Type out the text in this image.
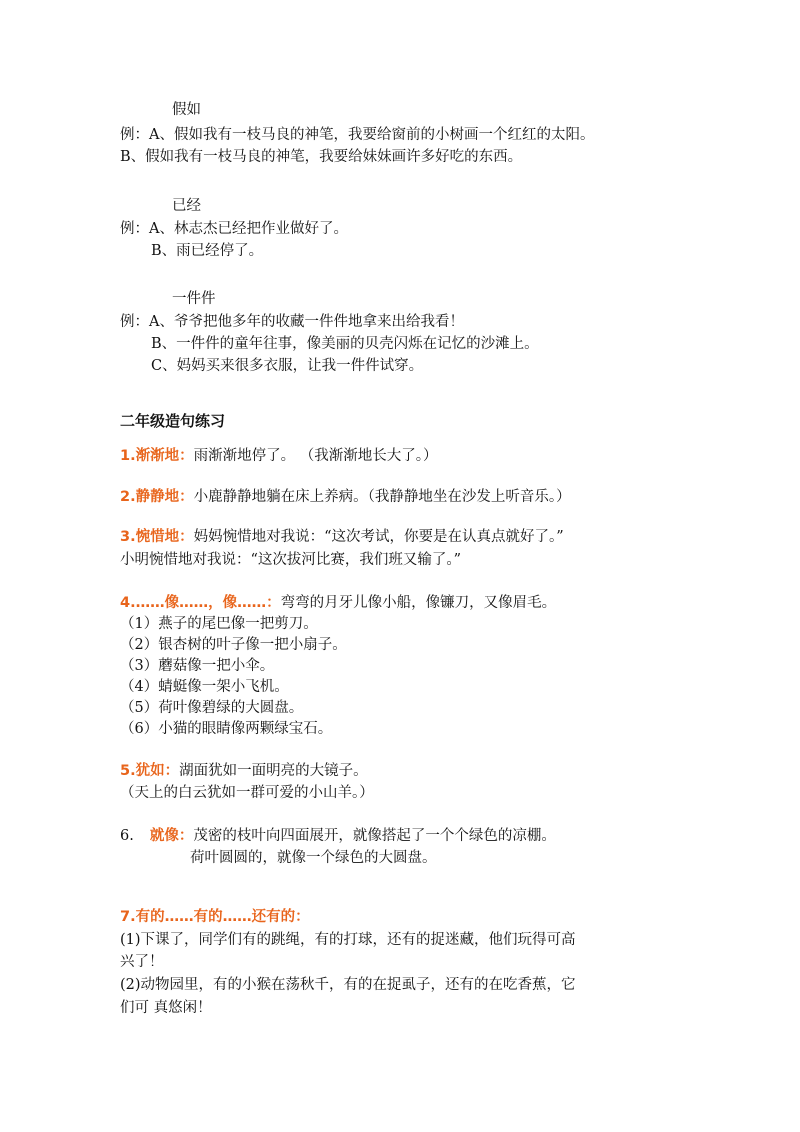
假如
例：A、假如我有一枝马良的神笔，我要给窗前的小树画一个红红的太阳。
B、假如我有一枝马良的神笔，我要给妹妹画许多好吃的东西。
已经
例：A、林志杰已经把作业做好了。
B、雨已经停了。
一件件
例：A、爷爷把他多年的收藏一件件地拿来出给我看！
B、一件件的童年往事，像美丽的贝壳闪烁在记忆的沙滩上。
C、妈妈买来很多衣服，让我一件件试穿。
二年级造句练习
1.渐渐地：雨渐渐地停了。 （我渐渐地长大了。）
2.静静地：小鹿静静地躺在床上养病。（我静静地坐在沙发上听音乐。）
3.惋惜地：妈妈惋惜地对我说：“这次考试，你要是在认真点就好了。”
小明惋惜地对我说：“这次拔河比赛，我们班又输了。”
4.……像……，像……：弯弯的月牙儿像小船，像镰刀，又像眉毛。
（1）燕子的尾巴像一把剪刀。
（2）银杏树的叶子像一把小扇子。
（3）蘑菇像一把小伞。
（4）蜻蜓像一架小飞机。
（5）荷叶像碧绿的大圆盘。
（6）小猫的眼睛像两颗绿宝石。
5.犹如：湖面犹如一面明亮的大镜子。
（天上的白云犹如一群可爱的小山羊。）
6. 就像：茂密的枝叶向四面展开，就像搭起了一个个绿色的凉棚。
荷叶圆圆的，就像一个绿色的大圆盘。
7.有的……有的……还有的：
(1)下课了，同学们有的跳绳，有的打球，还有的捉迷藏，他们玩得可高
兴了！
(2)动物园里，有的小猴在荡秋千，有的在捉虱子，还有的在吃香蕉，它
们可 真悠闲！
